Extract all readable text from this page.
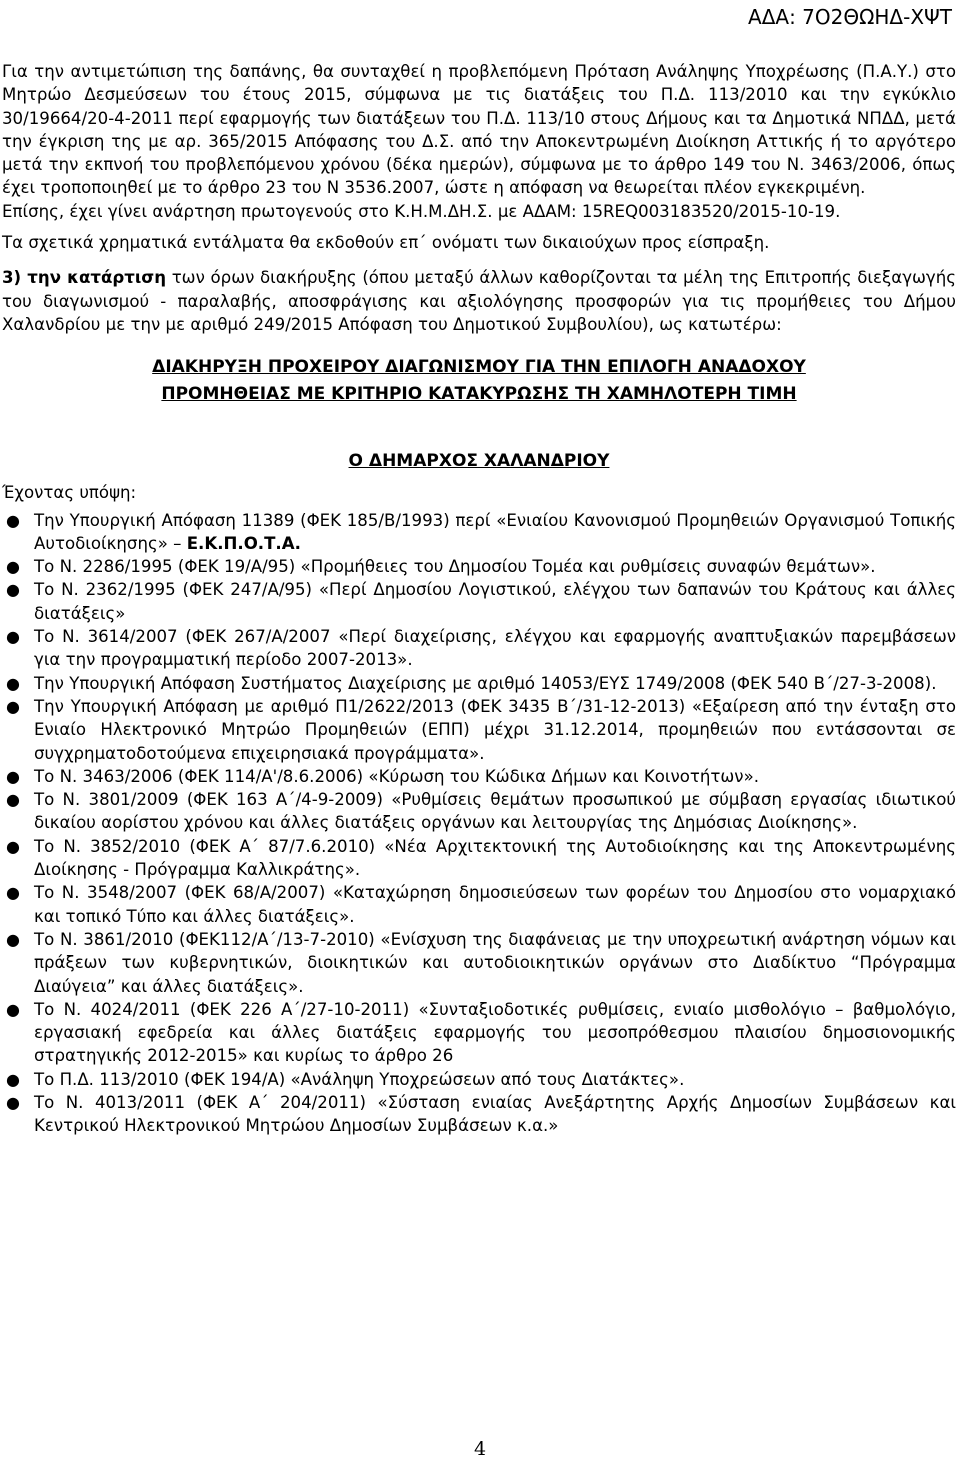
ΑΔΑ: 7Ο2ΘΩΗΔ-ΧΨΤ

Για την αντιμετώπιση της δαπάνης, θα συνταχθεί η προβλεπόμενη Πρόταση Ανάληψης Υποχρέωσης (Π.Α.Υ.) στο Μητρώο Δεσμεύσεων του έτους 2015, σύμφωνα με τις διατάξεις του Π.Δ. 113/2010 και την εγκύκλιο 30/19664/20-4-2011 περί εφαρμογής των διατάξεων του Π.Δ. 113/10 στους Δήμους και τα Δημοτικά ΝΠΔΔ, μετά την έγκριση της με αρ. 365/2015 Απόφασης του Δ.Σ. από την Αποκεντρωμένη Διοίκηση Αττικής ή το αργότερο μετά την εκπνοή του προβλεπόμενου χρόνου (δέκα ημερών), σύμφωνα με το άρθρο 149 του Ν. 3463/2006, όπως έχει τροποποιηθεί με το άρθρο 23 του Ν 3536.2007, ώστε η απόφαση να θεωρείται πλέον εγκεκριμένη.

Επίσης, έχει γίνει ανάρτηση πρωτογενούς στο Κ.Η.Μ.ΔΗ.Σ. με ΑΔΑΜ: 15REQ003183520/2015-10-19.

Τα σχετικά χρηματικά εντάλματα θα εκδοθούν επ΄ ονόματι των δικαιούχων προς είσπραξη.

3) την κατάρτιση των όρων διακήρυξης (όπου μεταξύ άλλων καθορίζονται τα μέλη της Επιτροπής διεξαγωγής του διαγωνισμού - παραλαβής, αποσφράγισης και αξιολόγησης προσφορών για τις προμήθειες του Δήμου Χαλανδρίου με την με αριθμό 249/2015 Απόφαση του Δημοτικού Συμβουλίου), ως κατωτέρω:

ΔΙΑΚΗΡΥΞΗ ΠΡΟΧΕΙΡΟΥ ΔΙΑΓΩΝΙΣΜΟΥ ΓΙΑ ΤΗΝ ΕΠΙΛΟΓΗ ΑΝΑΔΟΧΟΥ
ΠΡΟΜΗΘΕΙΑΣ ΜΕ ΚΡΙΤΗΡΙΟ ΚΑΤΑΚΥΡΩΣΗΣ ΤΗ ΧΑΜΗΛΟΤΕΡΗ ΤΙΜΗ
Ο ΔΗΜΑΡΧΟΣ ΧΑΛΑΝΔΡΙΟΥ

Έχοντας υπόψη:

● Την Υπουργική Απόφαση 11389 (ΦΕΚ 185/Β/1993) περί «Ενιαίου Κανονισμού Προμηθειών Οργανισμού Τοπικής Αυτοδιοίκησης» – Ε.Κ.Π.Ο.Τ.Α.
● Το Ν. 2286/1995 (ΦΕΚ 19/Α/95) «Προμήθειες του Δημοσίου Τομέα και ρυθμίσεις συναφών θεμάτων».
● Το Ν. 2362/1995 (ΦΕΚ 247/Α/95) «Περί Δημοσίου Λογιστικού, ελέγχου των δαπανών του Κράτους και άλλες διατάξεις»
● Το Ν. 3614/2007 (ΦΕΚ 267/Α/2007 «Περί διαχείρισης, ελέγχου και εφαρμογής αναπτυξιακών παρεμβάσεων για την προγραμματική περίοδο 2007-2013».
● Την Υπουργική Απόφαση Συστήματος Διαχείρισης με αριθμό 14053/ΕΥΣ 1749/2008 (ΦΕΚ 540 Β΄/27-3-2008).
● Την Υπουργική Απόφαση με αριθμό Π1/2622/2013 (ΦΕΚ 3435 Β΄/31-12-2013) «Εξαίρεση από την ένταξη στο Ενιαίο Ηλεκτρονικό Μητρώο Προμηθειών (ΕΠΠ) μέχρι 31.12.2014, προμηθειών που εντάσσονται σε συγχρηματοδοτούμενα επιχειρησιακά προγράμματα».
● Το Ν. 3463/2006 (ΦΕΚ 114/Α'/8.6.2006) «Κύρωση του Κώδικα Δήμων και Κοινοτήτων».
● Το Ν. 3801/2009 (ΦΕΚ 163 Α΄/4-9-2009) «Ρυθμίσεις θεμάτων προσωπικού με σύμβαση εργασίας ιδιωτικού δικαίου αορίστου χρόνου και άλλες διατάξεις οργάνων και λειτουργίας της Δημόσιας Διοίκησης».
● Το Ν. 3852/2010 (ΦΕΚ Α΄ 87/7.6.2010) «Νέα Αρχιτεκτονική της Αυτοδιοίκησης και της Αποκεντρωμένης Διοίκησης - Πρόγραμμα Καλλικράτης».
● Το Ν. 3548/2007 (ΦΕΚ 68/Α/2007) «Καταχώρηση δημοσιεύσεων των φορέων του Δημοσίου στο νομαρχιακό και τοπικό Τύπο και άλλες διατάξεις».
● Το Ν. 3861/2010 (ΦΕΚ112/Α΄/13-7-2010) «Ενίσχυση της διαφάνειας με την υποχρεωτική ανάρτηση νόμων και πράξεων των κυβερνητικών, διοικητικών και αυτοδιοικητικών οργάνων στο Διαδίκτυο “Πρόγραμμα Διαύγεια” και άλλες διατάξεις».
● Το Ν. 4024/2011 (ΦΕΚ 226 Α΄/27-10-2011) «Συνταξιοδοτικές ρυθμίσεις, ενιαίο μισθολόγιο – βαθμολόγιο, εργασιακή εφεδρεία και άλλες διατάξεις εφαρμογής του μεσοπρόθεσμου πλαισίου δημοσιονομικής στρατηγικής 2012-2015» και κυρίως το άρθρο 26
● Το Π.Δ. 113/2010 (ΦΕΚ 194/Α) «Ανάληψη Υποχρεώσεων από τους Διατάκτες».
● Το Ν. 4013/2011 (ΦΕΚ Α΄ 204/2011) «Σύσταση ενιαίας Ανεξάρτητης Αρχής Δημοσίων Συμβάσεων και Κεντρικού Ηλεκτρονικού Μητρώου Δημοσίων Συμβάσεων κ.α.»
4
